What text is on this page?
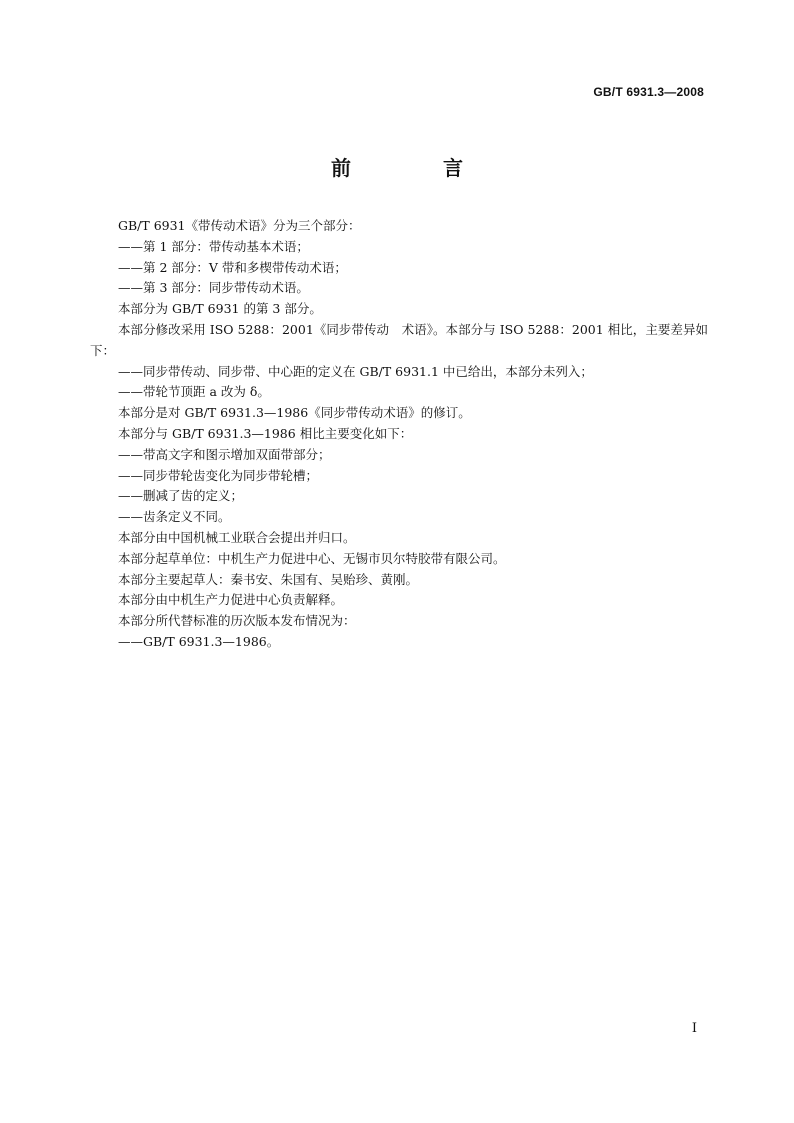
GB/T 6931.3—2008
前　言

GB/T 6931《带传动术语》分为三个部分：

——第 1 部分：带传动基本术语；

——第 2 部分：V 带和多楔带传动术语；

——第 3 部分：同步带传动术语。

本部分为 GB/T 6931 的第 3 部分。

本部分修改采用 ISO 5288：2001《同步带传动　术语》。本部分与 ISO 5288：2001 相比，主要差异如下：

——同步带传动、同步带、中心距的定义在 GB/T 6931.1 中已给出，本部分未列入；

——带轮节顶距 a 改为 δ。

本部分是对 GB/T 6931.3—1986《同步带传动术语》的修订。

本部分与 GB/T 6931.3—1986 相比主要变化如下：

——带高文字和图示增加双面带部分；

——同步带轮齿变化为同步带轮槽；

——删减了齿的定义；

——齿条定义不同。

本部分由中国机械工业联合会提出并归口。

本部分起草单位：中机生产力促进中心、无锡市贝尔特胶带有限公司。

本部分主要起草人：秦书安、朱国有、吴贻珍、黄刚。

本部分由中机生产力促进中心负责解释。

本部分所代替标准的历次版本发布情况为：

——GB/T 6931.3—1986。

I
